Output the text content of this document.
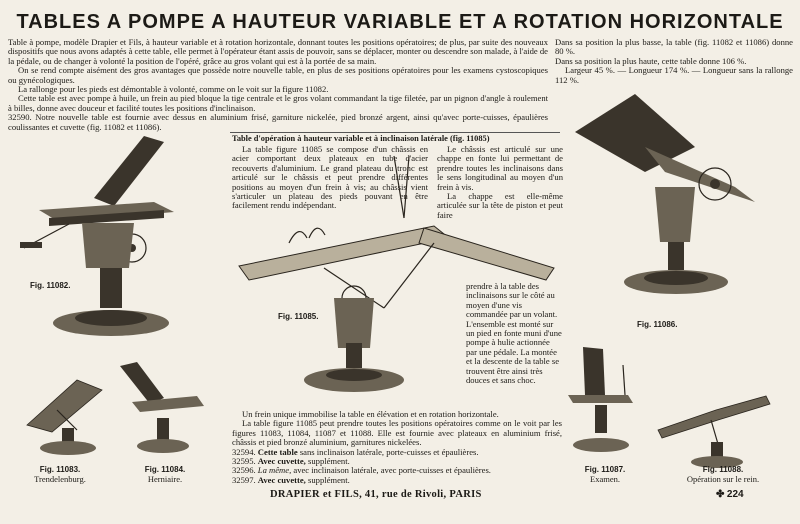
TABLES A POMPE A HAUTEUR VARIABLE ET A ROTATION HORIZONTALE

Table à pompe, modèle Drapier et Fils, à hauteur variable et à rotation horizontale, donnant toutes les positions opératoires; de plus, par suite des nouveaux dispositifs que nous avons adaptés à cette table, elle permet à l'opérateur étant assis de pouvoir, sans se déplacer, monter ou descendre son malade, à l'aide de la pédale, ou de changer à volonté la position de l'opéré, grâce au gros volant qui est à la portée de sa main.

On se rend compte aisément des gros avantages que possède notre nouvelle table, en plus de ses positions opératoires pour les examens cystoscopiques ou gynécologiques.

La rallonge pour les pieds est démontable à volonté, comme on le voit sur la figure 11082.

Cette table est avec pompe à huile, un frein au pied bloque la tige centrale et le gros volant commandant la tige filetée, par un pignon d'angle à roulement à billes, donne avec douceur et facilité toutes les positions d'inclinaison.

32590. Notre nouvelle table est fournie avec dessus en aluminium frisé, garniture nickelée, pied bronzé argent, ainsi qu'avec porte-cuisses, épaulières coulissantes et cuvette (fig. 11082 et 11086).

Dans sa position la plus basse, la table (fig. 11082 et 11086) donne 80 %.

Dans sa position la plus haute, cette table donne 106 %.

Largeur 45 %. — Longueur 174 %. — Longueur sans la rallonge 112 %.

Table d'opération à hauteur variable et à inclinaison latérale (fig. 11085)
La table figure 11085 se compose d'un châssis en acier comportant deux plateaux en tube d'acier recouverts d'aluminium. Le grand plateau du tronc est articulé sur le châssis et peut prendre différentes positions au moyen d'un frein à vis; au châssis vient s'articuler un plateau des pieds pouvant en être facilement rendu indépendant.

Le châssis est articulé sur une chappe en fonte lui permettant de prendre toutes les inclinaisons dans le sens longitudinal au moyen d'un frein à vis.

La chappe est elle-même articulée sur la tête de piston et peut faire

prendre à la table des inclinaisons sur le côté au moyen d'une vis commandée par un volant. L'ensemble est monté sur un pied en fonte muni d'une pompe à hulie actionnée par une pédale. La montée et la descente de la table se trouvent être ainsi très douces et sans choc.

Un frein unique immobilise la table en élévation et en rotation horizontale.

La table figure 11085 peut prendre toutes les positions opératoires comme on le voit par les figures 11083, 11084, 11087 et 11088. Elle est fournie avec plateaux en aluminium frisé, châssis et pied bronzé aluminium, garnitures nickelées.

32594. Cette table sans inclinaison latérale, porte-cuisses et épaulières.
32595. Avec cuvette, supplément.
32596. La même, avec inclinaison latérale, avec porte-cuisses et épaulières.
32597. Avec cuvette, supplément.
Fig. 11082.
Fig. 11085.
Fig. 11086.
Fig. 11083.
Trendelenburg.
Fig. 11084.
Herniaire.
Fig. 11087.
Examen.
Fig. 11088.
Opération sur le rein.
DRAPIER et FILS, 41, rue de Rivoli, PARIS	✤ 224
